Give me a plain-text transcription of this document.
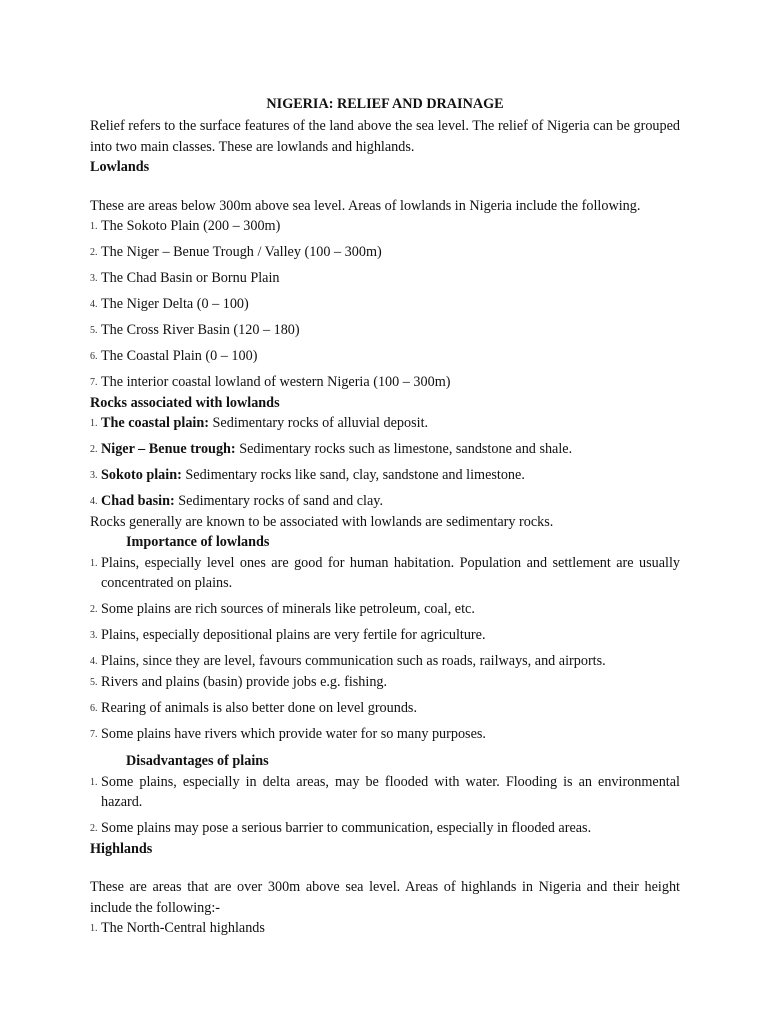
NIGERIA: RELIEF AND DRAINAGE

Relief refers to the surface features of the land above the sea level. The relief of Nigeria can be grouped into two main classes. These are lowlands and highlands.

Lowlands

These are areas below 300m above sea level. Areas of lowlands in Nigeria include the following.

1. The Sokoto Plain (200 – 300m)
2. The Niger – Benue Trough / Valley (100 – 300m)
3. The Chad Basin or Bornu Plain
4. The Niger Delta (0 – 100)
5. The Cross River Basin (120 – 180)
6. The Coastal Plain (0 – 100)
7. The interior coastal lowland of western Nigeria (100 – 300m)
Rocks associated with lowlands
1. The coastal plain: Sedimentary rocks of alluvial deposit.
2. Niger – Benue trough: Sedimentary rocks such as limestone, sandstone and shale.
3. Sokoto plain: Sedimentary rocks like sand, clay, sandstone and limestone.
4. Chad basin: Sedimentary rocks of sand and clay.

Rocks generally are known to be associated with lowlands are sedimentary rocks.

Importance of lowlands
1. Plains, especially level ones are good for human habitation. Population and settlement are usually concentrated on plains.
2. Some plains are rich sources of minerals like petroleum, coal, etc.
3. Plains, especially depositional plains are very fertile for agriculture.
4. Plains, since they are level, favours communication such as roads, railways, and airports.
5. Rivers and plains (basin) provide jobs e.g. fishing.
6. Rearing of animals is also better done on level grounds.
7. Some plains have rivers which provide water for so many purposes.
Disadvantages of plains
1. Some plains, especially in delta areas, may be flooded with water. Flooding is an environmental hazard.
2. Some plains may pose a serious barrier to communication, especially in flooded areas.
Highlands

These are areas that are over 300m above sea level. Areas of highlands in Nigeria and their height include the following:-

1. The North-Central highlands
